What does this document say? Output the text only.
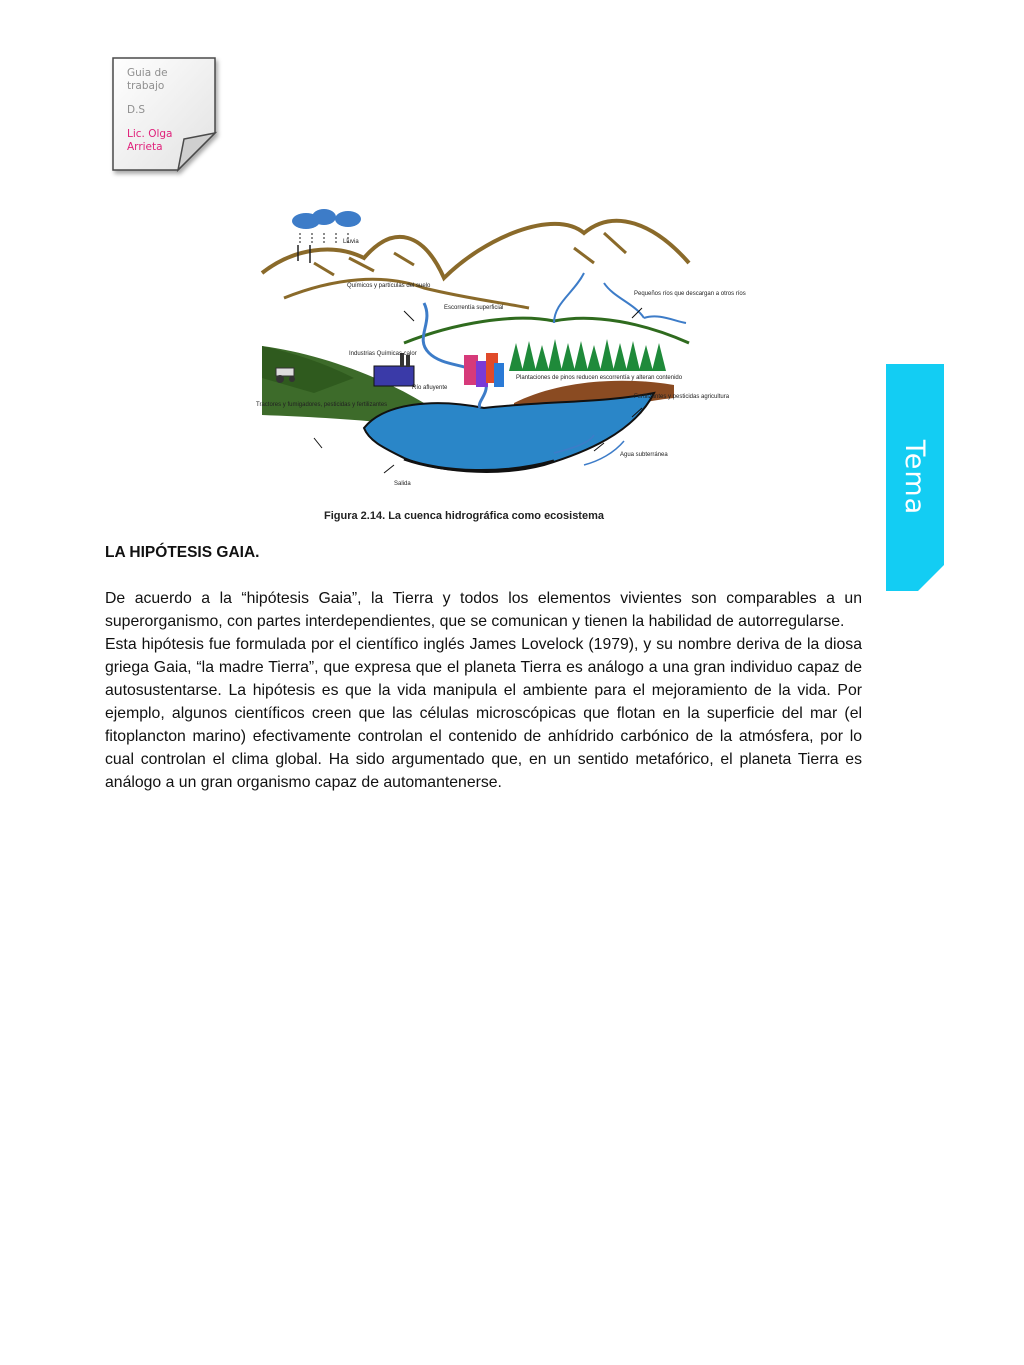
Guia de trabajo
D.S
Lic. Olga Arrieta
Tema
Lluvia
Químicos y partículas del suelo
Escorrentía superficial
Pequeños ríos que descargan a otros ríos
Industrias Químicas calor
Plantaciones de pinos reducen escorrentía y alteran contenido
Río afluyente
Fertilizantes y pesticidas agricultura
Tractores y fumigadores, pesticidas y fertilizantes
Agua subterránea
Salida
Figura 2.14. La cuenca hidrográfica como ecosistema

LA HIPÓTESIS GAIA.

De acuerdo a la “hipótesis Gaia”, la Tierra y todos los elementos vivientes son comparables a un superorganismo, con partes interdependientes, que se comunican y tienen la habilidad de autorregularse.

Esta hipótesis fue formulada por el científico inglés James Lovelock (1979), y su nombre deriva de la diosa griega Gaia, “la madre Tierra”, que expresa que el planeta Tierra es análogo a una gran individuo capaz de autosustentarse. La hipótesis es que la vida manipula el ambiente para el mejoramiento de la vida. Por ejemplo, algunos científicos creen que las células microscópicas que flotan en la superficie del mar (el fitoplancton marino) efectivamente controlan el contenido de anhídrido carbónico de la atmósfera, por lo cual controlan el clima global. Ha sido argumentado que, en un sentido metafórico, el planeta Tierra es análogo a un gran organismo capaz de automantenerse.
